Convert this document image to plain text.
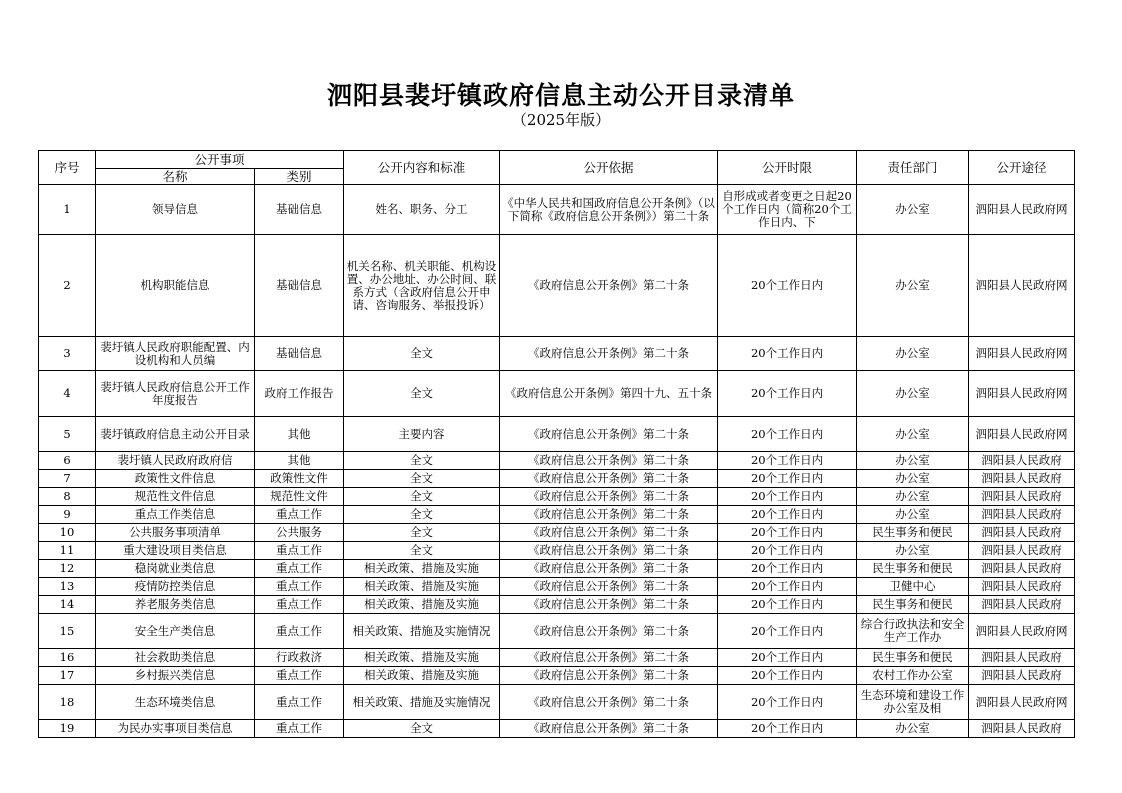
泗阳县裴圩镇政府信息主动公开目录清单
（2025年版）
序号	公开事项		公开内容和标准	公开依据	公开时限	责任部门	公开途径
	名称	类别					

1	领导信息	基础信息	姓名、职务、分工	《中华人民共和国政府信息公开条例》（以下简称《政府信息公开条例》）第二十条	自形成或者变更之日起20个工作日内（简称20个工作日内、下	办公室	泗阳县人民政府网

2	机构职能信息	基础信息	机关名称、机关职能、机构设置、办公地址、办公时间、联系方式（含政府信息公开申请、咨询服务、举报投诉）	《政府信息公开条例》第二十条	20个工作日内	办公室	泗阳县人民政府网

3	裴圩镇人民政府职能配置、内设机构和人员编	基础信息	全文	《政府信息公开条例》第二十条	20个工作日内	办公室	泗阳县人民政府网

4	裴圩镇人民政府信息公开工作年度报告	政府工作报告	全文	《政府信息公开条例》第四十九、五十条	20个工作日内	办公室	泗阳县人民政府网

5	裴圩镇政府信息主动公开目录	其他	主要内容	《政府信息公开条例》第二十条	20个工作日内	办公室	泗阳县人民政府网

6	裴圩镇人民政府政府信	其他	全文	《政府信息公开条例》第二十条	20个工作日内	办公室	泗阳县人民政府

7	政策性文件信息	政策性文件	全文	《政府信息公开条例》第二十条	20个工作日内	办公室	泗阳县人民政府

8	规范性文件信息	规范性文件	全文	《政府信息公开条例》第二十条	20个工作日内	办公室	泗阳县人民政府

9	重点工作类信息	重点工作	全文	《政府信息公开条例》第二十条	20个工作日内	办公室	泗阳县人民政府

10	公共服务事项清单	公共服务	全文	《政府信息公开条例》第二十条	20个工作日内	民生事务和便民	泗阳县人民政府

11	重大建设项目类信息	重点工作	全文	《政府信息公开条例》第二十条	20个工作日内	办公室	泗阳县人民政府

12	稳岗就业类信息	重点工作	相关政策、措施及实施	《政府信息公开条例》第二十条	20个工作日内	民生事务和便民	泗阳县人民政府

13	疫情防控类信息	重点工作	相关政策、措施及实施	《政府信息公开条例》第二十条	20个工作日内	卫健中心	泗阳县人民政府

14	养老服务类信息	重点工作	相关政策、措施及实施	《政府信息公开条例》第二十条	20个工作日内	民生事务和便民	泗阳县人民政府

15	安全生产类信息	重点工作	相关政策、措施及实施情况	《政府信息公开条例》第二十条	20个工作日内	综合行政执法和安全生产工作办	泗阳县人民政府网

16	社会救助类信息	行政救济	相关政策、措施及实施	《政府信息公开条例》第二十条	20个工作日内	民生事务和便民	泗阳县人民政府

17	乡村振兴类信息	重点工作	相关政策、措施及实施	《政府信息公开条例》第二十条	20个工作日内	农村工作办公室	泗阳县人民政府

18	生态环境类信息	重点工作	相关政策、措施及实施情况	《政府信息公开条例》第二十条	20个工作日内	生态环境和建设工作办公室及相	泗阳县人民政府网

19	为民办实事项目类信息	重点工作	全文	《政府信息公开条例》第二十条	20个工作日内	办公室	泗阳县人民政府
